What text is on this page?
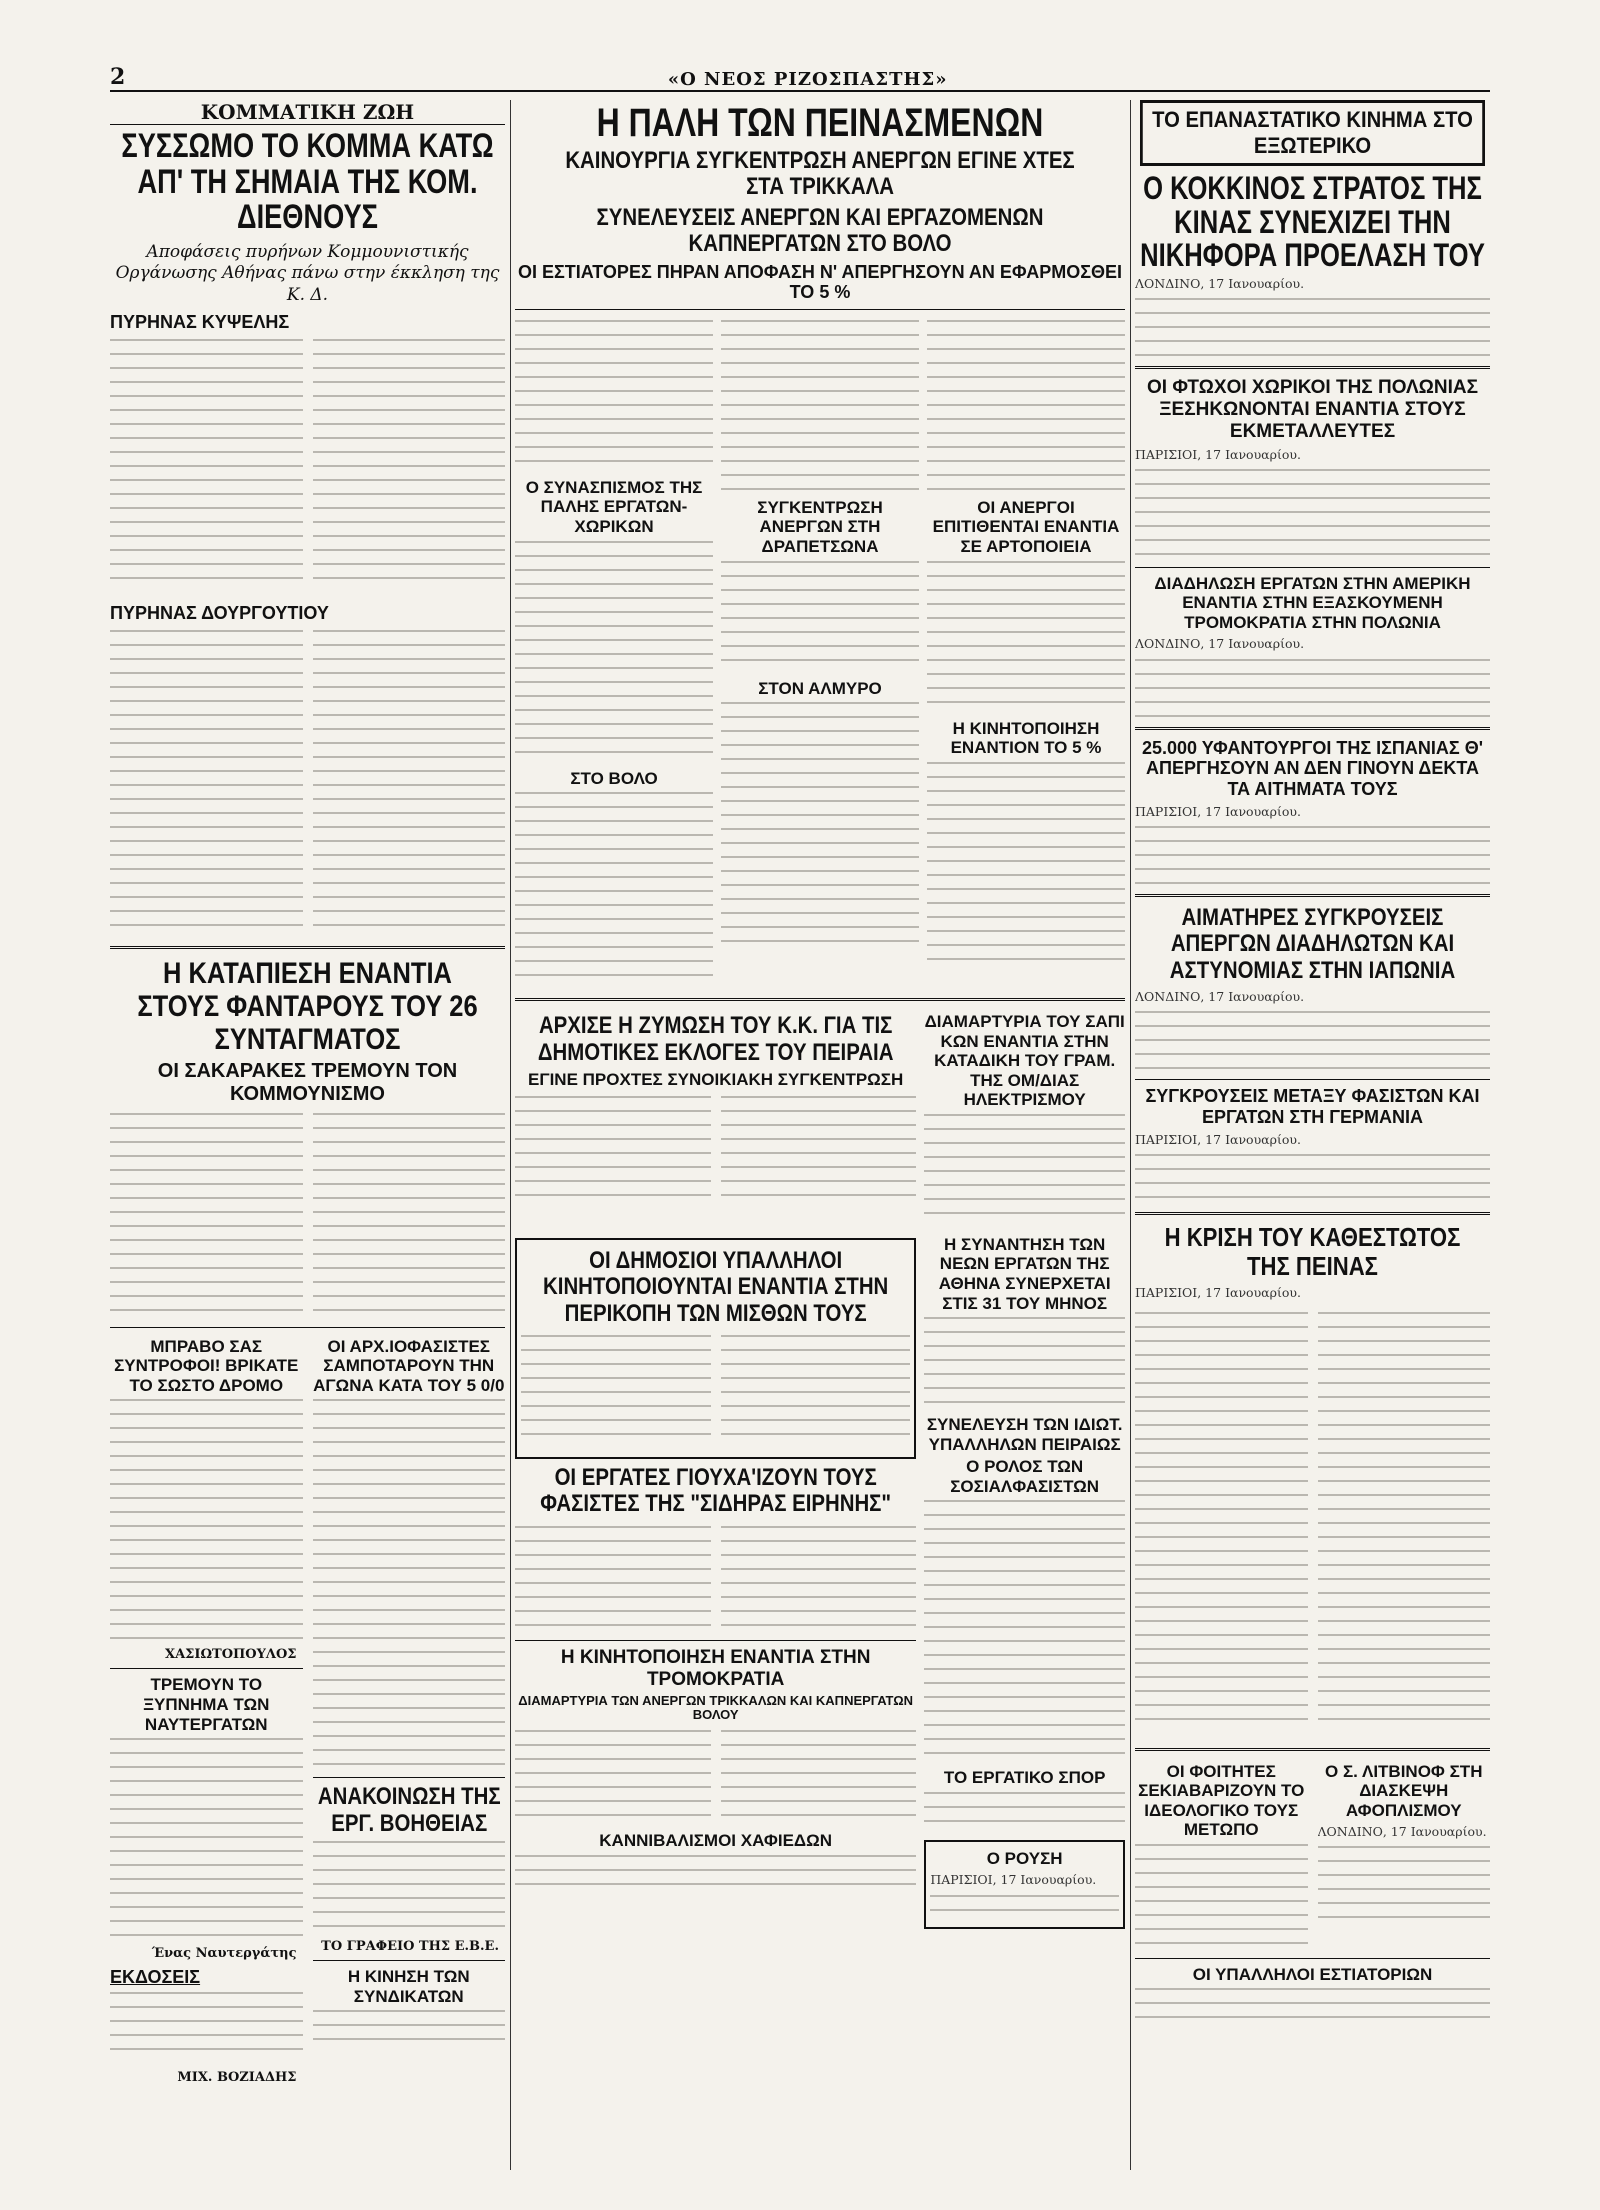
2	«Ο ΝΕΟΣ ΡΙΖΟΣΠΑΣΤΗΣ»
ΚΟΜΜΑΤΙΚΗ ΖΩΗ
ΣΥΣΣΩΜΟ ΤΟ ΚΟΜΜΑ ΚΑΤΩ ΑΠ' ΤΗ ΣΗΜΑΙΑ ΤΗΣ ΚΟΜ. ΔΙΕΘΝΟΥΣ
Αποφάσεις πυρήνων Κομμουνιστικής Οργάνωσης Αθήνας πάνω στην έκκληση της Κ. Δ.
ΠΥΡΗΝΑΣ ΚΥΨΕΛΗΣ
ΠΥΡΗΝΑΣ ΔΟΥΡΓΟΥΤΙΟΥ
Η ΚΑΤΑΠΙΕΣΗ ΕΝΑΝΤΙΑ ΣΤΟΥΣ ΦΑΝΤΑΡΟΥΣ ΤΟΥ 26 ΣΥΝΤΑΓΜΑΤΟΣ
ΟΙ ΣΑΚΑΡΑΚΕΣ ΤΡΕΜΟΥΝ ΤΟΝ ΚΟΜΜΟΥΝΙΣΜΟ
ΜΠΡΑΒΟ ΣΑΣ ΣΥΝΤΡΟΦΟΙ! ΒΡΙΚΑΤΕ ΤΟ ΣΩΣΤΟ ΔΡΟΜΟ
ΧΑΣΙΩΤΟΠΟΥΛΟΣ
ΤΡΕΜΟΥΝ ΤΟ ΞΥΠΝΗΜΑ ΤΩΝ ΝΑΥΤΕΡΓΑΤΩΝ
Ένας Ναυτεργάτης
ΕΚΔΟΣΕΙΣ
ΜΙΧ. ΒΟΖΙΑΔΗΣ
ΟΙ ΑΡΧ.ΙΟΦΑΣΙΣΤΕΣ ΣΑΜΠΟΤΑΡΟΥΝ ΤΗΝ ΑΓΩΝΑ ΚΑΤΑ ΤΟΥ 5 0/0
ΑΝΑΚΟΙΝΩΣΗ ΤΗΣ ΕΡΓ. ΒΟΗΘΕΙΑΣ
ΤΟ ΓΡΑΦΕΙΟ ΤΗΣ Ε.Β.Ε.
Η ΚΙΝΗΣΗ ΤΩΝ ΣΥΝΔΙΚΑΤΩΝ
Η ΠΑΛΗ ΤΩΝ ΠΕΙΝΑΣΜΕΝΩΝ
ΚΑΙΝΟΥΡΓΙΑ ΣΥΓΚΕΝΤΡΩΣΗ ΑΝΕΡΓΩΝ ΕΓΙΝΕ ΧΤΕΣ ΣΤΑ ΤΡΙΚΚΑΛΑ
ΣΥΝΕΛΕΥΣΕΙΣ ΑΝΕΡΓΩΝ ΚΑΙ ΕΡΓΑΖΟΜΕΝΩΝ ΚΑΠΝΕΡΓΑΤΩΝ ΣΤΟ ΒΟΛΟ
ΟΙ ΕΣΤΙΑΤΟΡΕΣ ΠΗΡΑΝ ΑΠΟΦΑΣΗ Ν' ΑΠΕΡΓΗΣΟΥΝ ΑΝ ΕΦΑΡΜΟΣΘΕΙ ΤΟ 5 %
Ο ΣΥΝΑΣΠΙΣΜΟΣ ΤΗΣ ΠΑΛΗΣ ΕΡΓΑΤΩΝ-ΧΩΡΙΚΩΝ
ΣΤΟ ΒΟΛΟ
ΣΥΓΚΕΝΤΡΩΣΗ ΑΝΕΡΓΩΝ ΣΤΗ ΔΡΑΠΕΤΣΩΝΑ
ΣΤΟΝ ΑΛΜΥΡΟ
ΟΙ ΑΝΕΡΓΟΙ ΕΠΙΤΙΘΕΝΤΑΙ ΕΝΑΝΤΙΑ ΣΕ ΑΡΤΟΠΟΙΕΙΑ
Η ΚΙΝΗΤΟΠΟΙΗΣΗ ΕΝΑΝΤΙΟΝ ΤΟ 5 %
ΑΡΧΙΣΕ Η ΖΥΜΩΣΗ ΤΟΥ Κ.Κ. ΓΙΑ ΤΙΣ ΔΗΜΟΤΙΚΕΣ ΕΚΛΟΓΕΣ ΤΟΥ ΠΕΙΡΑΙΑ
ΕΓΙΝΕ ΠΡΟΧΤΕΣ ΣΥΝΟΙΚΙΑΚΗ ΣΥΓΚΕΝΤΡΩΣΗ
ΔΙΑΜΑΡΤΥΡΙΑ ΤΟΥ ΣΑΠΙ ΚΩΝ ΕΝΑΝΤΙΑ ΣΤΗΝ ΚΑΤΑΔΙΚΗ ΤΟΥ ΓΡΑΜ. ΤΗΣ ΟΜ/ΔΙΑΣ ΗΛΕΚΤΡΙΣΜΟΥ
ΟΙ ΔΗΜΟΣΙΟΙ ΥΠΑΛΛΗΛΟΙ ΚΙΝΗΤΟΠΟΙΟΥΝΤΑΙ ΕΝΑΝΤΙΑ ΣΤΗΝ ΠΕΡΙΚΟΠΗ ΤΩΝ ΜΙΣΘΩΝ ΤΟΥΣ
ΟΙ ΕΡΓΑΤΕΣ ΓΙΟΥΧΑ'ΙΖΟΥΝ ΤΟΥΣ ΦΑΣΙΣΤΕΣ ΤΗΣ "ΣΙΔΗΡΑΣ ΕΙΡΗΝΗΣ"
Η ΚΙΝΗΤΟΠΟΙΗΣΗ ΕΝΑΝΤΙΑ ΣΤΗΝ ΤΡΟΜΟΚΡΑΤΙΑ
ΔΙΑΜΑΡΤΥΡΙΑ ΤΩΝ ΑΝΕΡΓΩΝ ΤΡΙΚΚΑΛΩΝ ΚΑΙ ΚΑΠΝΕΡΓΑΤΩΝ ΒΟΛΟΥ
ΚΑΝΝΙΒΑΛΙΣΜΟΙ ΧΑΦΙΕΔΩΝ
Η ΣΥΝΑΝΤΗΣΗ ΤΩΝ ΝΕΩΝ ΕΡΓΑΤΩΝ ΤΗΣ ΑΘΗΝΑ ΣΥΝΕΡΧΕΤΑΙ ΣΤΙΣ 31 ΤΟΥ ΜΗΝΟΣ
ΣΥΝΕΛΕΥΣΗ ΤΩΝ ΙΔΙΩΤ. ΥΠΑΛΛΗΛΩΝ ΠΕΙΡΑΙΩΣ
Ο ΡΟΛΟΣ ΤΩΝ ΣΟΣΙΑΛΦΑΣΙΣΤΩΝ
ΤΟ ΕΡΓΑΤΙΚΟ ΣΠΟΡ
Ο ΡΟΥΣΗ
ΠΑΡΙΣΙΟΙ, 17 Ιανουαρίου.
ΤΟ ΕΠΑΝΑΣΤΑΤΙΚΟ ΚΙΝΗΜΑ ΣΤΟ ΕΞΩΤΕΡΙΚΟ
Ο ΚΟΚΚΙΝΟΣ ΣΤΡΑΤΟΣ ΤΗΣ ΚΙΝΑΣ ΣΥΝΕΧΙΖΕΙ ΤΗΝ ΝΙΚΗΦΟΡΑ ΠΡΟΕΛΑΣΗ ΤΟΥ
ΛΟΝΔΙΝΟ, 17 Ιανουαρίου.
ΟΙ ΦΤΩΧΟΙ ΧΩΡΙΚΟΙ ΤΗΣ ΠΟΛΩΝΙΑΣ ΞΕΣΗΚΩΝΟΝΤΑΙ ΕΝΑΝΤΙΑ ΣΤΟΥΣ ΕΚΜΕΤΑΛΛΕΥΤΕΣ
ΠΑΡΙΣΙΟΙ, 17 Ιανουαρίου.
ΔΙΑΔΗΛΩΣΗ ΕΡΓΑΤΩΝ ΣΤΗΝ ΑΜΕΡΙΚΗ ΕΝΑΝΤΙΑ ΣΤΗΝ ΕΞΑΣΚΟΥΜΕΝΗ ΤΡΟΜΟΚΡΑΤΙΑ ΣΤΗΝ ΠΟΛΩΝΙΑ
ΛΟΝΔΙΝΟ, 17 Ιανουαρίου.
25.000 ΥΦΑΝΤΟΥΡΓΟΙ ΤΗΣ ΙΣΠΑΝΙΑΣ Θ' ΑΠΕΡΓΗΣΟΥΝ ΑΝ ΔΕΝ ΓΙΝΟΥΝ ΔΕΚΤΑ ΤΑ ΑΙΤΗΜΑΤΑ ΤΟΥΣ
ΠΑΡΙΣΙΟΙ, 17 Ιανουαρίου.
ΑΙΜΑΤΗΡΕΣ ΣΥΓΚΡΟΥΣΕΙΣ ΑΠΕΡΓΩΝ ΔΙΑΔΗΛΩΤΩΝ ΚΑΙ ΑΣΤΥΝΟΜΙΑΣ ΣΤΗΝ ΙΑΠΩΝΙΑ
ΛΟΝΔΙΝΟ, 17 Ιανουαρίου.
ΣΥΓΚΡΟΥΣΕΙΣ ΜΕΤΑΞΥ ΦΑΣΙΣΤΩΝ ΚΑΙ ΕΡΓΑΤΩΝ ΣΤΗ ΓΕΡΜΑΝΙΑ
ΠΑΡΙΣΙΟΙ, 17 Ιανουαρίου.
Η ΚΡΙΣΗ ΤΟΥ ΚΑΘΕΣΤΩΤΟΣ ΤΗΣ ΠΕΙΝΑΣ
ΠΑΡΙΣΙΟΙ, 17 Ιανουαρίου.
ΟΙ ΦΟΙΤΗΤΕΣ ΣΕΚΙΑΒΑΡΙΖΟΥΝ ΤΟ ΙΔΕΟΛΟΓΙΚΟ ΤΟΥΣ ΜΕΤΩΠΟ
Ο Σ. ΛΙΤΒΙΝΟΦ ΣΤΗ ΔΙΑΣΚΕΨΗ ΑΦΟΠΛΙΣΜΟΥ
ΛΟΝΔΙΝΟ, 17 Ιανουαρίου.
ΟΙ ΥΠΑΛΛΗΛΟΙ ΕΣΤΙΑΤΟΡΙΩΝ
